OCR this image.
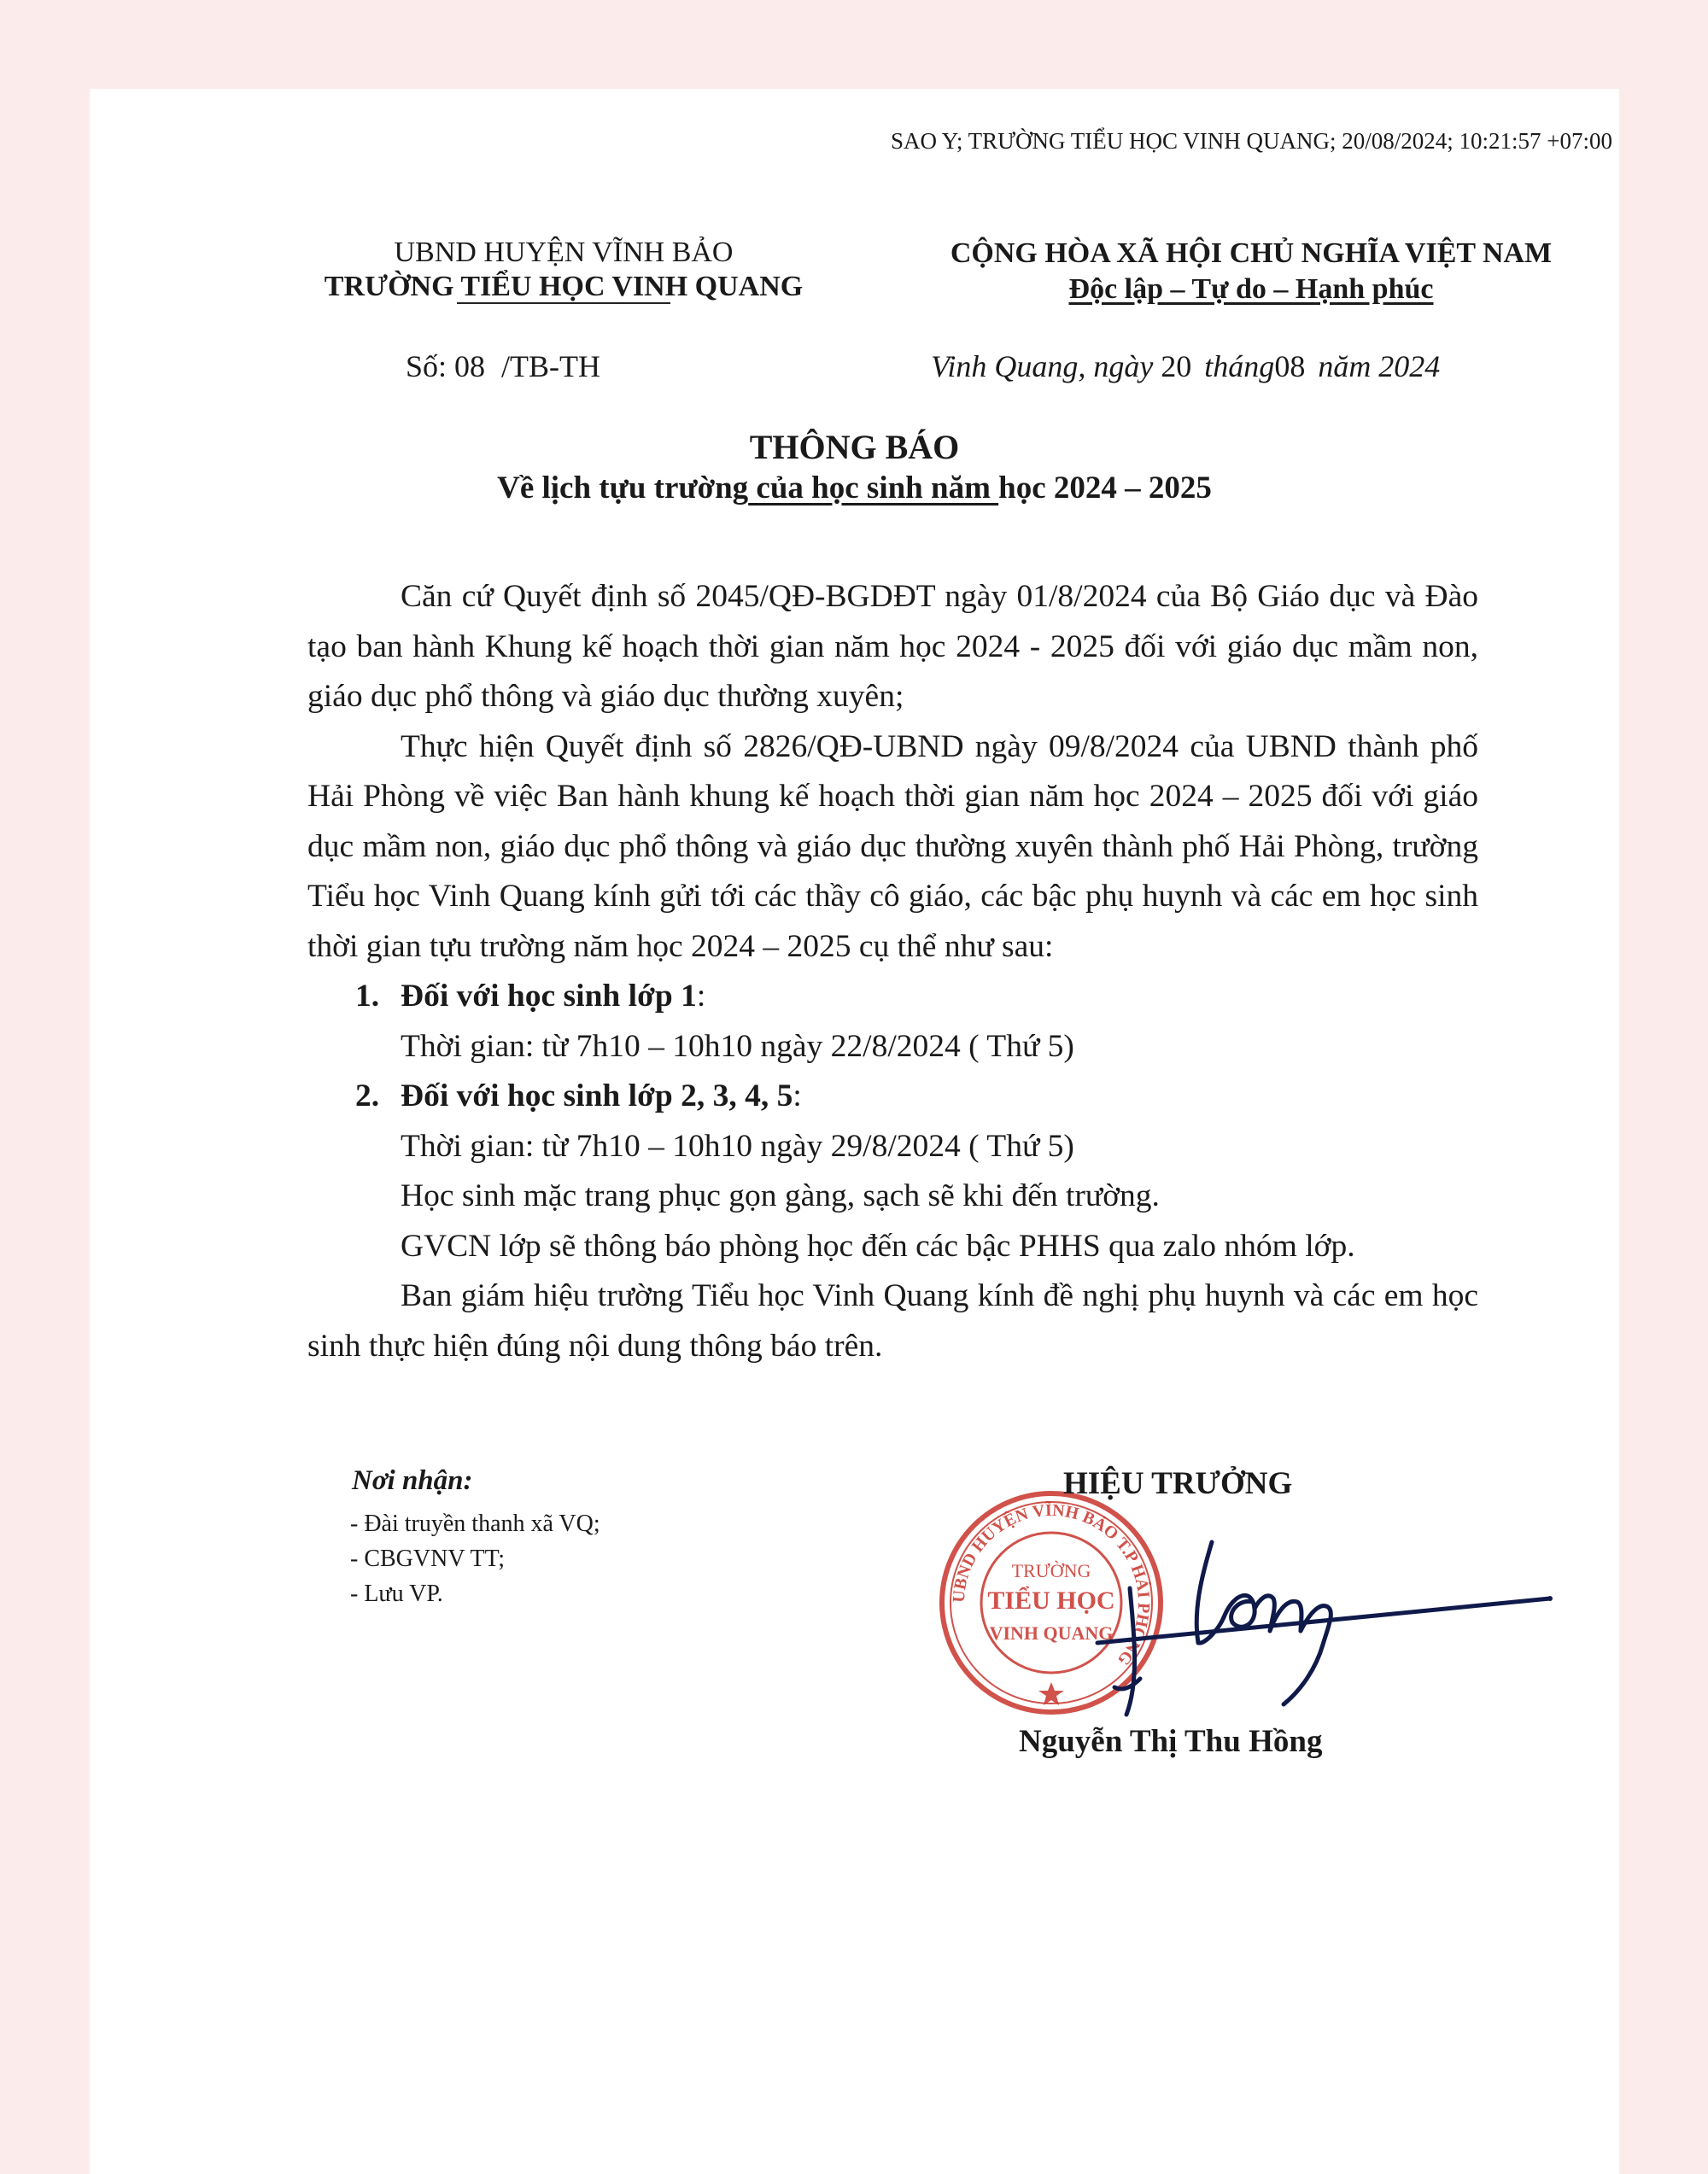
SAO Y; TRƯỜNG TIỂU HỌC VINH QUANG; 20/08/2024; 10:21:57 +07:00
UBND HUYỆN VĨNH BẢO
TRƯỜNG TIỂU HỌC VINH QUANG
CỘNG HÒA XÃ HỘI CHỦ NGHĨA VIỆT NAM
Độc lập – Tự do – Hạnh phúc
Số: 08 /TB-TH	Vinh Quang, ngày 20 tháng08 năm 2024
THÔNG BÁO
Về lịch tựu trường của học sinh năm học 2024 – 2025

Căn cứ Quyết định số 2045/QĐ-BGDĐT ngày 01/8/2024 của Bộ Giáo dục và Đào tạo ban hành Khung kế hoạch thời gian năm học 2024 - 2025 đối với giáo dục mầm non, giáo dục phổ thông và giáo dục thường xuyên;

Thực hiện Quyết định số 2826/QĐ-UBND ngày 09/8/2024 của UBND thành phố Hải Phòng về việc Ban hành khung kế hoạch thời gian năm học 2024 – 2025 đối với giáo dục mầm non, giáo dục phổ thông và giáo dục thường xuyên thành phố Hải Phòng, trường Tiểu học Vinh Quang kính gửi tới các thầy cô giáo, các bậc phụ huynh và các em học sinh thời gian tựu trường năm học 2024 – 2025 cụ thể như sau:

1. Đối với học sinh lớp 1:

Thời gian: từ 7h10 – 10h10 ngày 22/8/2024 ( Thứ 5)

2. Đối với học sinh lớp 2, 3, 4, 5:

Thời gian: từ 7h10 – 10h10 ngày 29/8/2024 ( Thứ 5)

Học sinh mặc trang phục gọn gàng, sạch sẽ khi đến trường.

GVCN lớp sẽ thông báo phòng học đến các bậc PHHS qua zalo nhóm lớp.

Ban giám hiệu trường Tiểu học Vinh Quang kính đề nghị phụ huynh và các em học sinh thực hiện đúng nội dung thông báo trên.

Nơi nhận:
- Đài truyền thanh xã VQ;
- CBGVNV TT;
- Lưu VP.	UBND HUYỆN VĨNH BẢO T.P HẢI PHÒNG
TRƯỜNG
TIỂU HỌC
VINH QUANG
HIỆU TRƯỞNG
Nguyễn Thị Thu Hồng
